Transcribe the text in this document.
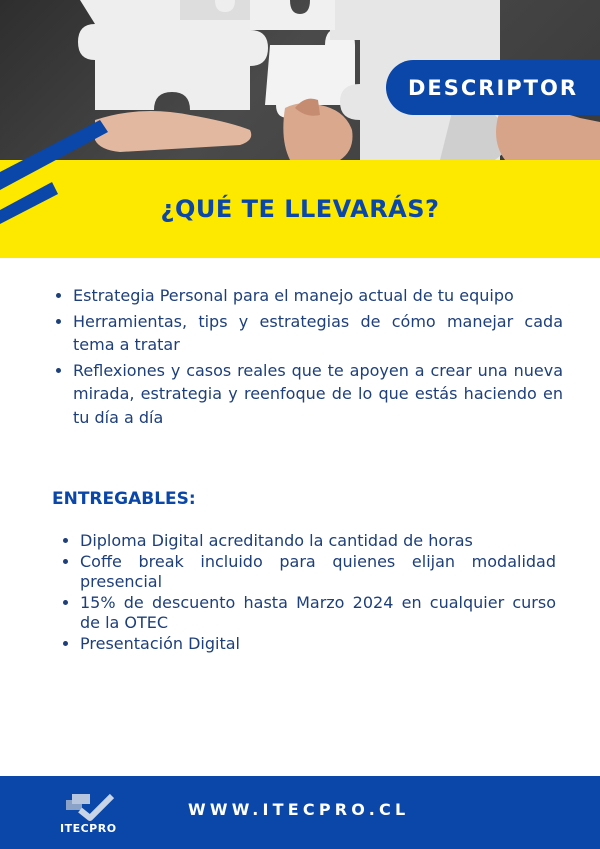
DESCRIPTOR
¿QUÉ TE LLEVARÁS?
• Estrategia Personal para el manejo actual de tu equipo
• Herramientas, tips y estrategias de cómo manejar cada tema a tratar
• Reflexiones y casos reales que te apoyen a crear una nueva mirada, estrategia y reenfoque de lo que estás haciendo en tu día a día
ENTREGABLES:
• Diploma Digital acreditando la cantidad de horas
• Coffe break incluido para quienes elijan modalidad presencial
• 15% de descuento hasta Marzo 2024 en cualquier curso de la OTEC
• Presentación Digital
ITECPRO
WWW.ITECPRO.CL
